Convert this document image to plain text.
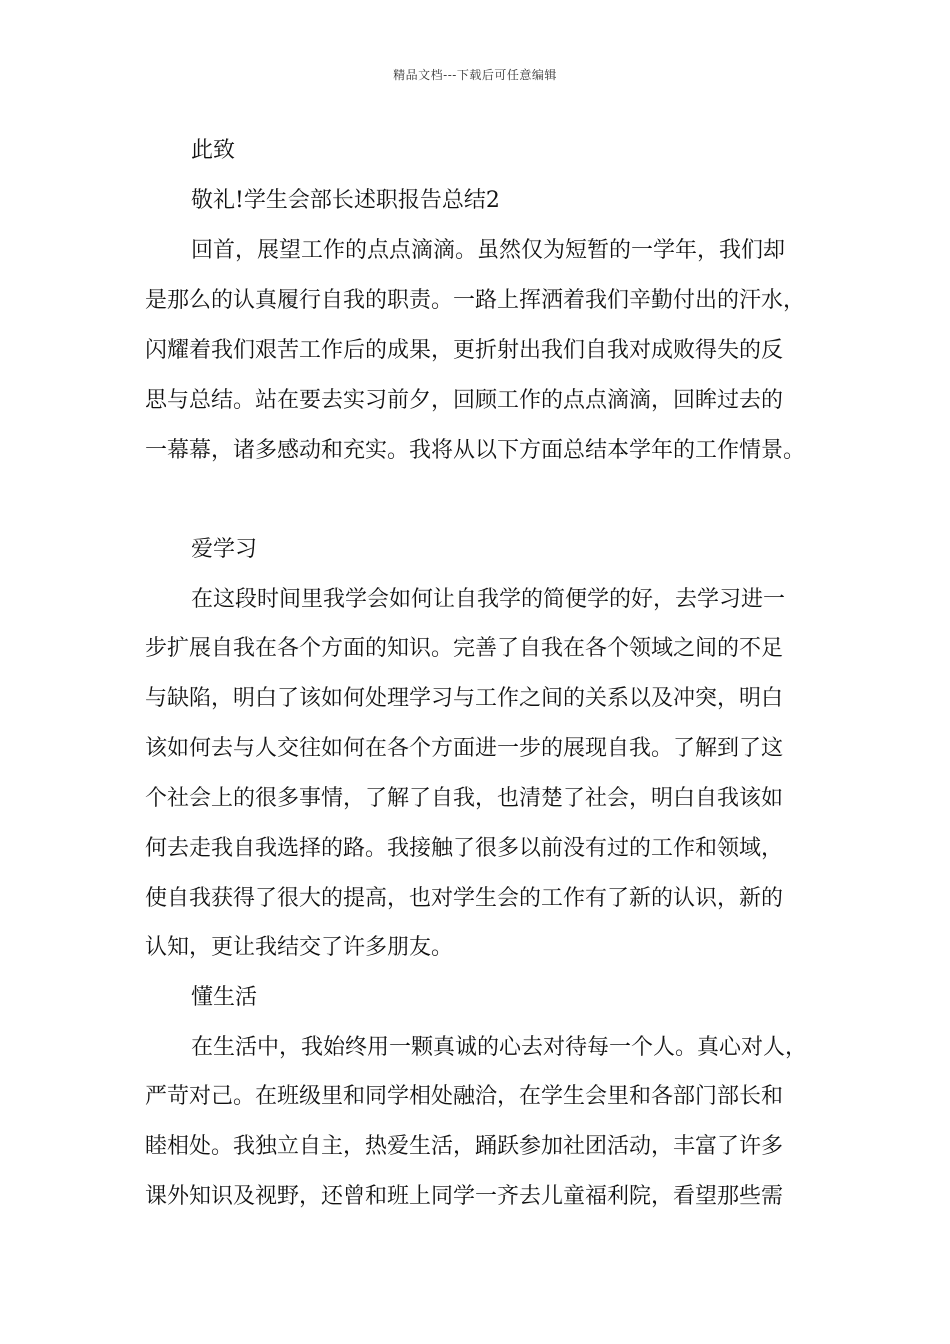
精品文档---下载后可任意编辑
此致
敬礼!学生会部长述职报告总结2
回首，展望工作的点点滴滴。虽然仅为短暂的一学年，我们却
是那么的认真履行自我的职责。一路上挥洒着我们辛勤付出的汗水，
闪耀着我们艰苦工作后的成果，更折射出我们自我对成败得失的反
思与总结。站在要去实习前夕，回顾工作的点点滴滴，回眸过去的
一幕幕，诸多感动和充实。我将从以下方面总结本学年的工作情景。
爱学习
在这段时间里我学会如何让自我学的简便学的好，去学习进一
步扩展自我在各个方面的知识。完善了自我在各个领域之间的不足
与缺陷，明白了该如何处理学习与工作之间的关系以及冲突，明白
该如何去与人交往如何在各个方面进一步的展现自我。了解到了这
个社会上的很多事情，了解了自我，也清楚了社会，明白自我该如
何去走我自我选择的路。我接触了很多以前没有过的工作和领域，
使自我获得了很大的提高，也对学生会的工作有了新的认识，新的
认知，更让我结交了许多朋友。
懂生活
在生活中，我始终用一颗真诚的心去对待每一个人。真心对人，
严苛对己。在班级里和同学相处融洽，在学生会里和各部门部长和
睦相处。我独立自主，热爱生活，踊跃参加社团活动，丰富了许多
课外知识及视野，还曾和班上同学一齐去儿童福利院，看望那些需
